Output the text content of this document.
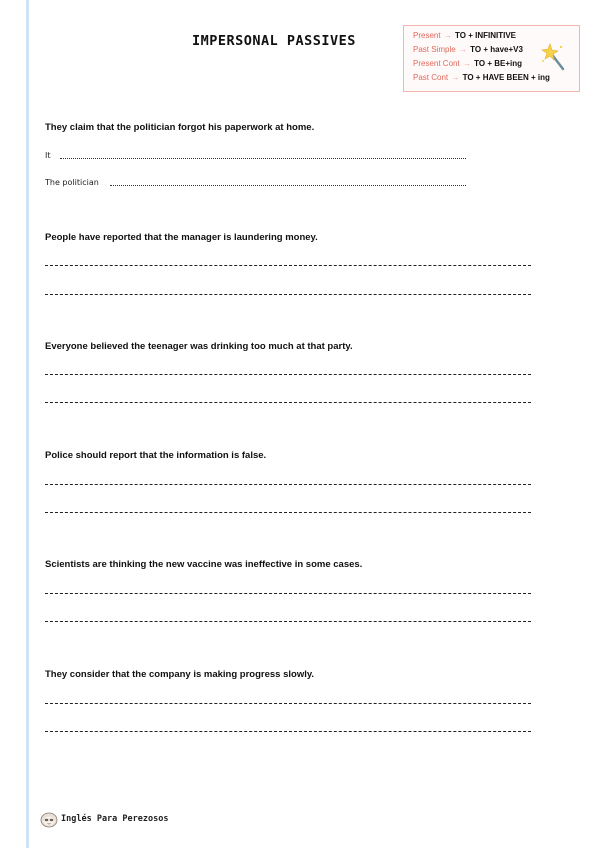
IMPERSONAL PASSIVES	Present → TO + INFINITIVE
Past Simple → TO + have+V3
Present Cont → TO + BE+ing
Past Cont → TO + HAVE BEEN + ing
They claim that the politician forgot his paperwork at home.
It
The politician
People have reported that the manager is laundering money.
Everyone believed the teenager was drinking too much at that party.
Police should report that the information is false.
Scientists are thinking the new vaccine was ineffective in some cases.
They consider that the company is making progress slowly.
Inglés Para Perezosos
